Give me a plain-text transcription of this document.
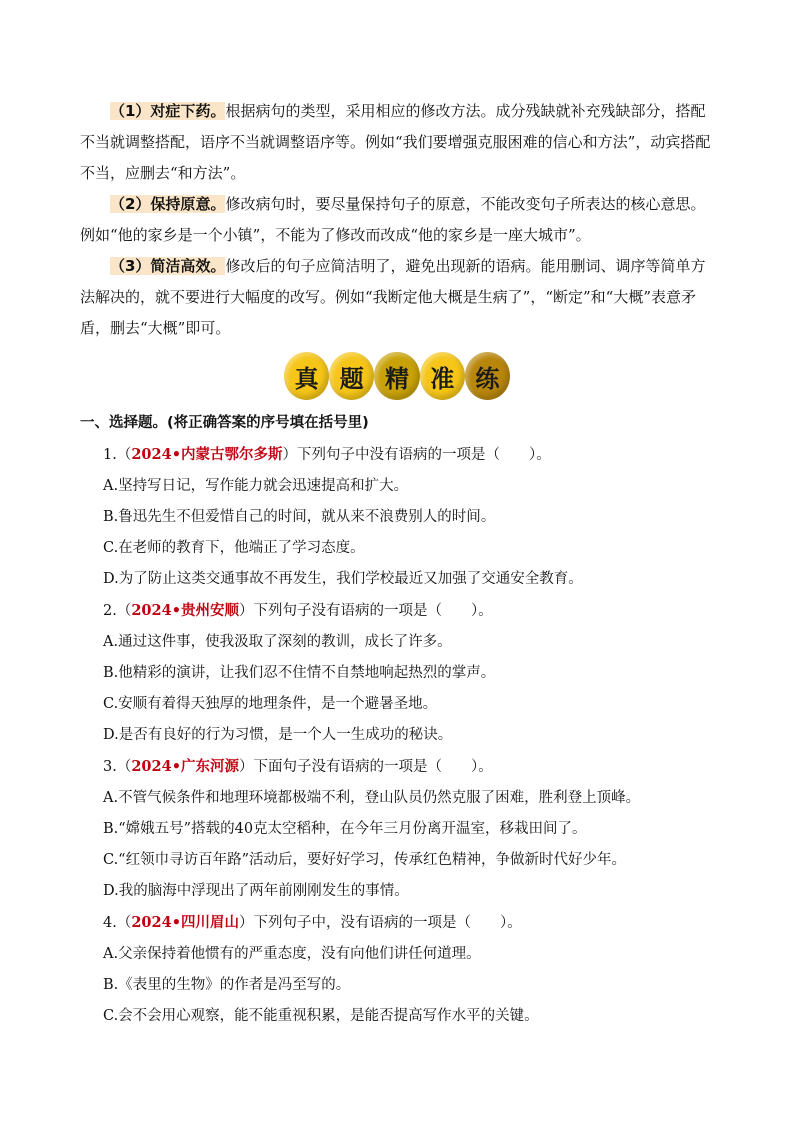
（1）对症下药。根据病句的类型，采用相应的修改方法。成分残缺就补充残缺部分，搭配不当就调整搭配，语序不当就调整语序等。例如“我们要增强克服困难的信心和方法”，动宾搭配不当，应删去“和方法”。

（2）保持原意。修改病句时，要尽量保持句子的原意，不能改变句子所表达的核心意思。例如“他的家乡是一个小镇”，不能为了修改而改成“他的家乡是一座大城市”。

（3）简洁高效。修改后的句子应简洁明了，避免出现新的语病。能用删词、调序等简单方法解决的，就不要进行大幅度的改写。例如“我断定他大概是生病了”，“断定”和“大概”表意矛盾，删去“大概”即可。

真 题 精 准 练

一、选择题。(将正确答案的序号填在括号里)

1.（2024•内蒙古鄂尔多斯）下列句子中没有语病的一项是（　　）。

A.坚持写日记，写作能力就会迅速提高和扩大。

B.鲁迅先生不但爱惜自己的时间，就从来不浪费别人的时间。

C.在老师的教育下，他端正了学习态度。

D.为了防止这类交通事故不再发生，我们学校最近又加强了交通安全教育。

2.（2024•贵州安顺）下列句子没有语病的一项是（　　）。

A.通过这件事，使我汲取了深刻的教训，成长了许多。

B.他精彩的演讲，让我们忍不住情不自禁地响起热烈的掌声。

C.安顺有着得天独厚的地理条件，是一个避暑圣地。

D.是否有良好的行为习惯，是一个人一生成功的秘诀。

3.（2024•广东河源）下面句子没有语病的一项是（　　）。

A.不管气候条件和地理环境都极端不利，登山队员仍然克服了困难，胜利登上顶峰。

B.“嫦娥五号”搭载的40克太空稻种，在今年三月份离开温室，移栽田间了。

C.“红领巾寻访百年路”活动后，要好好学习，传承红色精神，争做新时代好少年。

D.我的脑海中浮现出了两年前刚刚发生的事情。

4.（2024•四川眉山）下列句子中，没有语病的一项是（　　）。

A.父亲保持着他惯有的严重态度，没有向他们讲任何道理。

B.《表里的生物》的作者是冯至写的。

C.会不会用心观察，能不能重视积累，是能否提高写作水平的关键。
